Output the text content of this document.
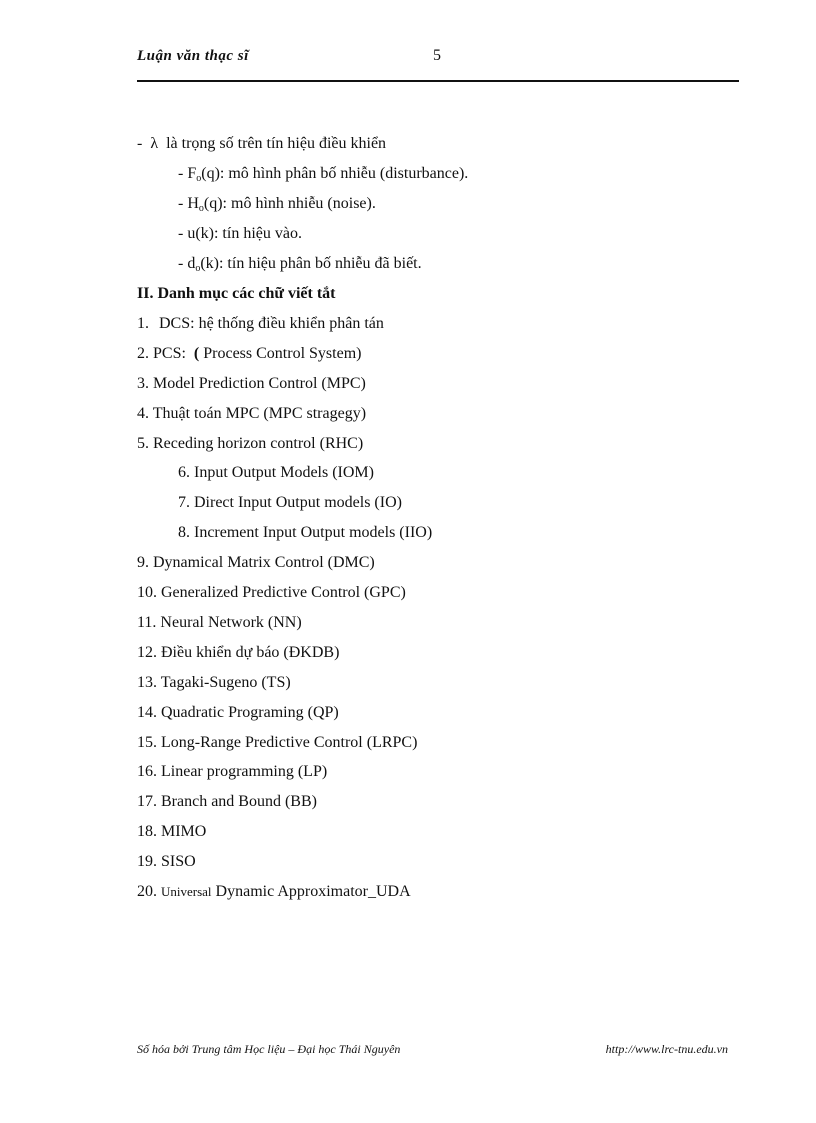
Luận văn thạc sĩ	5
- λ là trọng số trên tín hiệu điều khiển
- $F_o(q)$: mô hình phân bố nhiễu (disturbance).
- $H_o(q)$: mô hình nhiễu (noise).
- u(k): tín hiệu vào.
- $d_o(k)$: tín hiệu phân bố nhiễu đã biết.
II. Danh mục các chữ viết tắt
1. DCS: hệ thống điều khiển phân tán
2. PCS: ( Process Control System)
3. Model Prediction Control (MPC)
4. Thuật toán MPC (MPC stragegy)
5. Receding horizon control (RHC)
6. Input Output Models (IOM)
7. Direct Input Output models (IO)
8. Increment Input Output models (IIO)
9. Dynamical Matrix Control (DMC)
10. Generalized Predictive Control (GPC)
11. Neural Network (NN)
12. Điều khiển dự báo (ĐKDB)
13. Tagaki-Sugeno (TS)
14. Quadratic Programing (QP)
15. Long-Range Predictive Control (LRPC)
16. Linear programming (LP)
17. Branch and Bound (BB)
18. MIMO
19. SISO
20. Universal Dynamic Approximator_UDA
Số hóa bởi Trung tâm Học liệu – Đại học Thái Nguyên	http://www.lrc-tnu.edu.vn
